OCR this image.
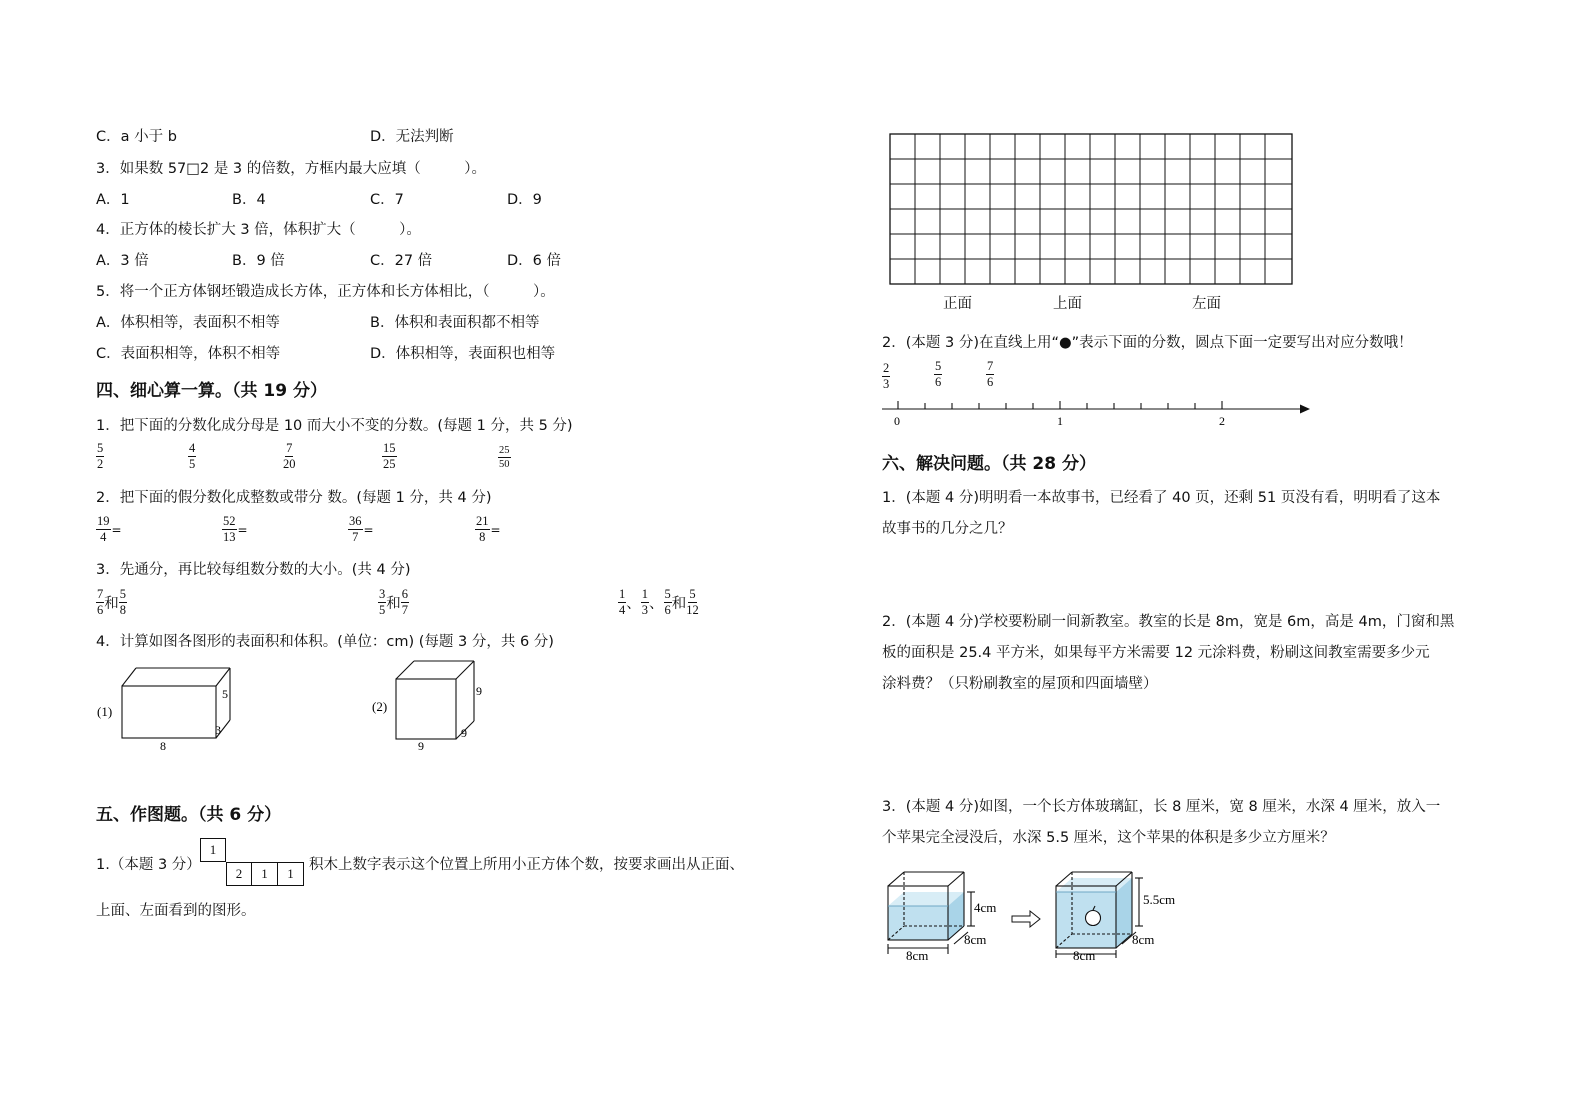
C．a 小于 b	D．无法判断
3．如果数 57□2 是 3 的倍数，方框内最大应填（　　　）。
A．1	B．4	C．7	D．9
4．正方体的棱长扩大 3 倍，体积扩大（　　　）。
A．3 倍	B．9 倍	C．27 倍	D．6 倍
5．将一个正方体钢坯锻造成长方体，正方体和长方体相比，（　　　）。
A．体积相等，表面积不相等	B．体积和表面积都不相等
C．表面积相等，体积不相等	D．体积相等，表面积也相等
四、细心算一算。（共 19 分）
1．把下面的分数化成分母是 10 而大小不变的分数。(每题 1 分，共 5 分)
$\frac{5}{2}$	$\frac{4}{5}$	$\frac{7}{20}$	$\frac{15}{25}$	$\frac{25}{50}$
2．把下面的假分数化成整数或带分 数。(每题 1 分，共 4 分)
$\frac{19}{4}$ =	$\frac{52}{13}$ =	$\frac{36}{7}$ =	$\frac{21}{8}$ =
3．先通分，再比较每组数分数的大小。(共 4 分)
$\frac{7}{6}$ 和 $\frac{5}{8}$	$\frac{3}{5}$ 和 $\frac{6}{7}$	$\frac{1}{4}$ 、 $\frac{1}{3}$ 、 $\frac{5}{6}$ 和 $\frac{5}{12}$
4．计算如图各图形的表面积和体积。(单位：cm) (每题 3 分，共 6 分)
(1)
5
3
8
(2)
9
9
9
五、作图题。（共 6 分）
1.（本题 3 分）
1
2	1	1
积木上数字表示这个位置上所用小正方体个数，按要求画出从正面、
上面、左面看到的图形。
正面	上面	左面
2．(本题 3 分)在直线上用“●”表示下面的分数，圆点下面一定要写出对应分数哦！
$\frac{2}{3}$	$\frac{5}{6}$	$\frac{7}{6}$
0	1	2
六、解决问题。（共 28 分）
1．(本题 4 分)明明看一本故事书，已经看了 40 页，还剩 51 页没有看，明明看了这本
故事书的几分之几？
2．(本题 4 分)学校要粉刷一间新教室。教室的长是 8m，宽是 6m，高是 4m，门窗和黑
板的面积是 25.4 平方米，如果每平方米需要 12 元涂料费，粉刷这间教室需要多少元
涂料费？（只粉刷教室的屋顶和四面墙壁）
3．(本题 4 分)如图，一个长方体玻璃缸，长 8 厘米，宽 8 厘米，水深 4 厘米，放入一
个苹果完全浸没后，水深 5.5 厘米，这个苹果的体积是多少立方厘米？
4cm
8cm
8cm
5.5cm
8cm
8cm
